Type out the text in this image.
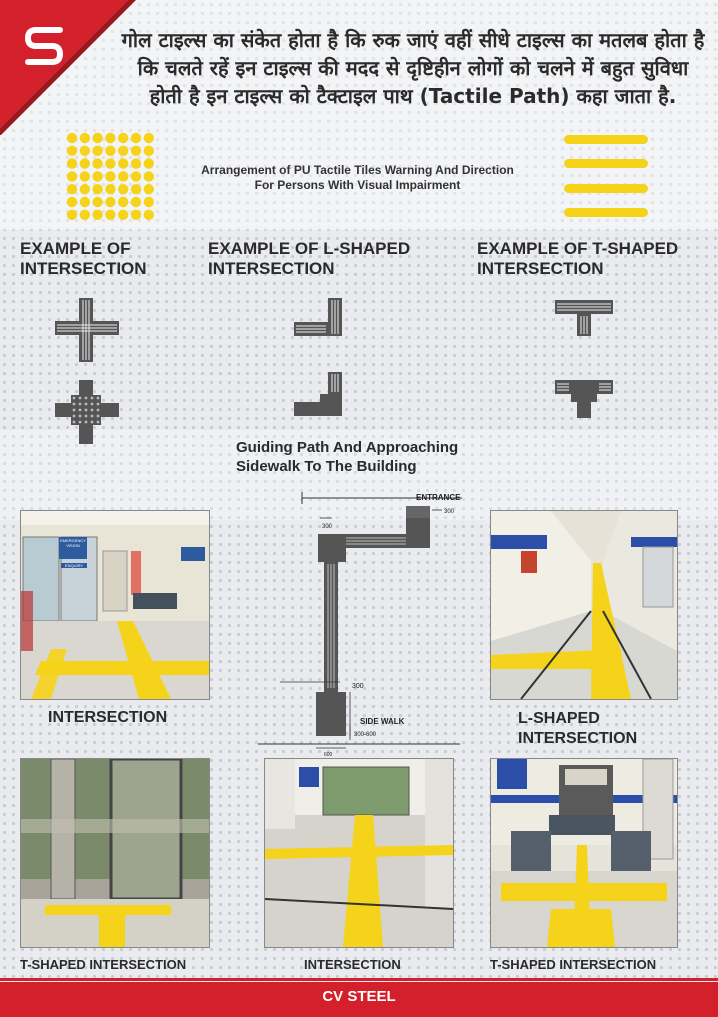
गोल टाइल्स का संकेत होता है कि रुक जाएं वहीं सीधे टाइल्स का मतलब होता है कि चलते रहें इन टाइल्स की मदद से दृष्टिहीन लोगों को चलने में बहुत सुविधा होती है इन टाइल्स को टैक्टाइल पाथ (Tactile Path) कहा जाता है.
Arrangement of PU Tactile Tiles Warning And Direction
For Persons With Visual Impairment
EXAMPLE OF
INTERSECTION
EXAMPLE OF L-SHAPED
INTERSECTION
EXAMPLE OF T-SHAPED
INTERSECTION
Guiding Path And Approaching
Sidewalk To The Building
ENTRANCE
300
300
300
SIDE WALK
300-600
600
EMERGENCY
VISION
ENQUIRY
INTERSECTION	L-SHAPED
INTERSECTION
T-SHAPED INTERSECTION	INTERSECTION	T-SHAPED INTERSECTION
CV STEEL
